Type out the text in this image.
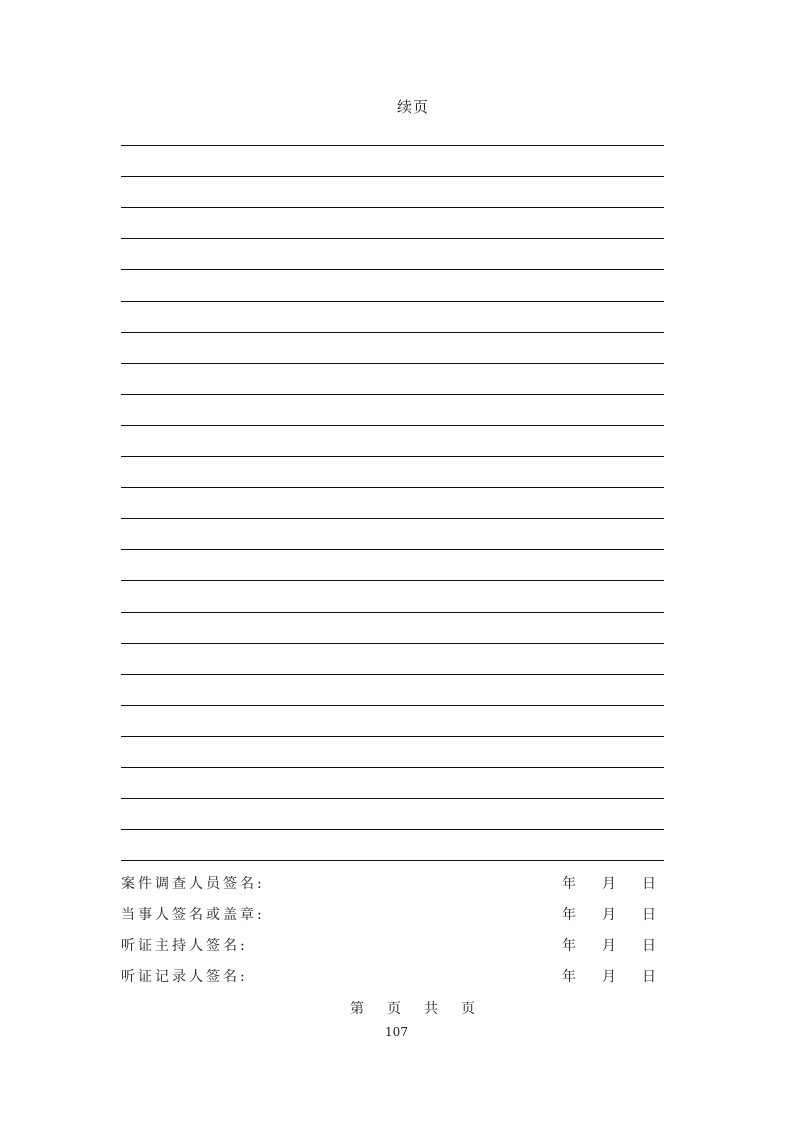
续页
案件调查人员签名:	年 月 日
当事人签名或盖章:	年 月 日
听证主持人签名:	年 月 日
听证记录人签名:	年 月 日
第 页 共 页
107
